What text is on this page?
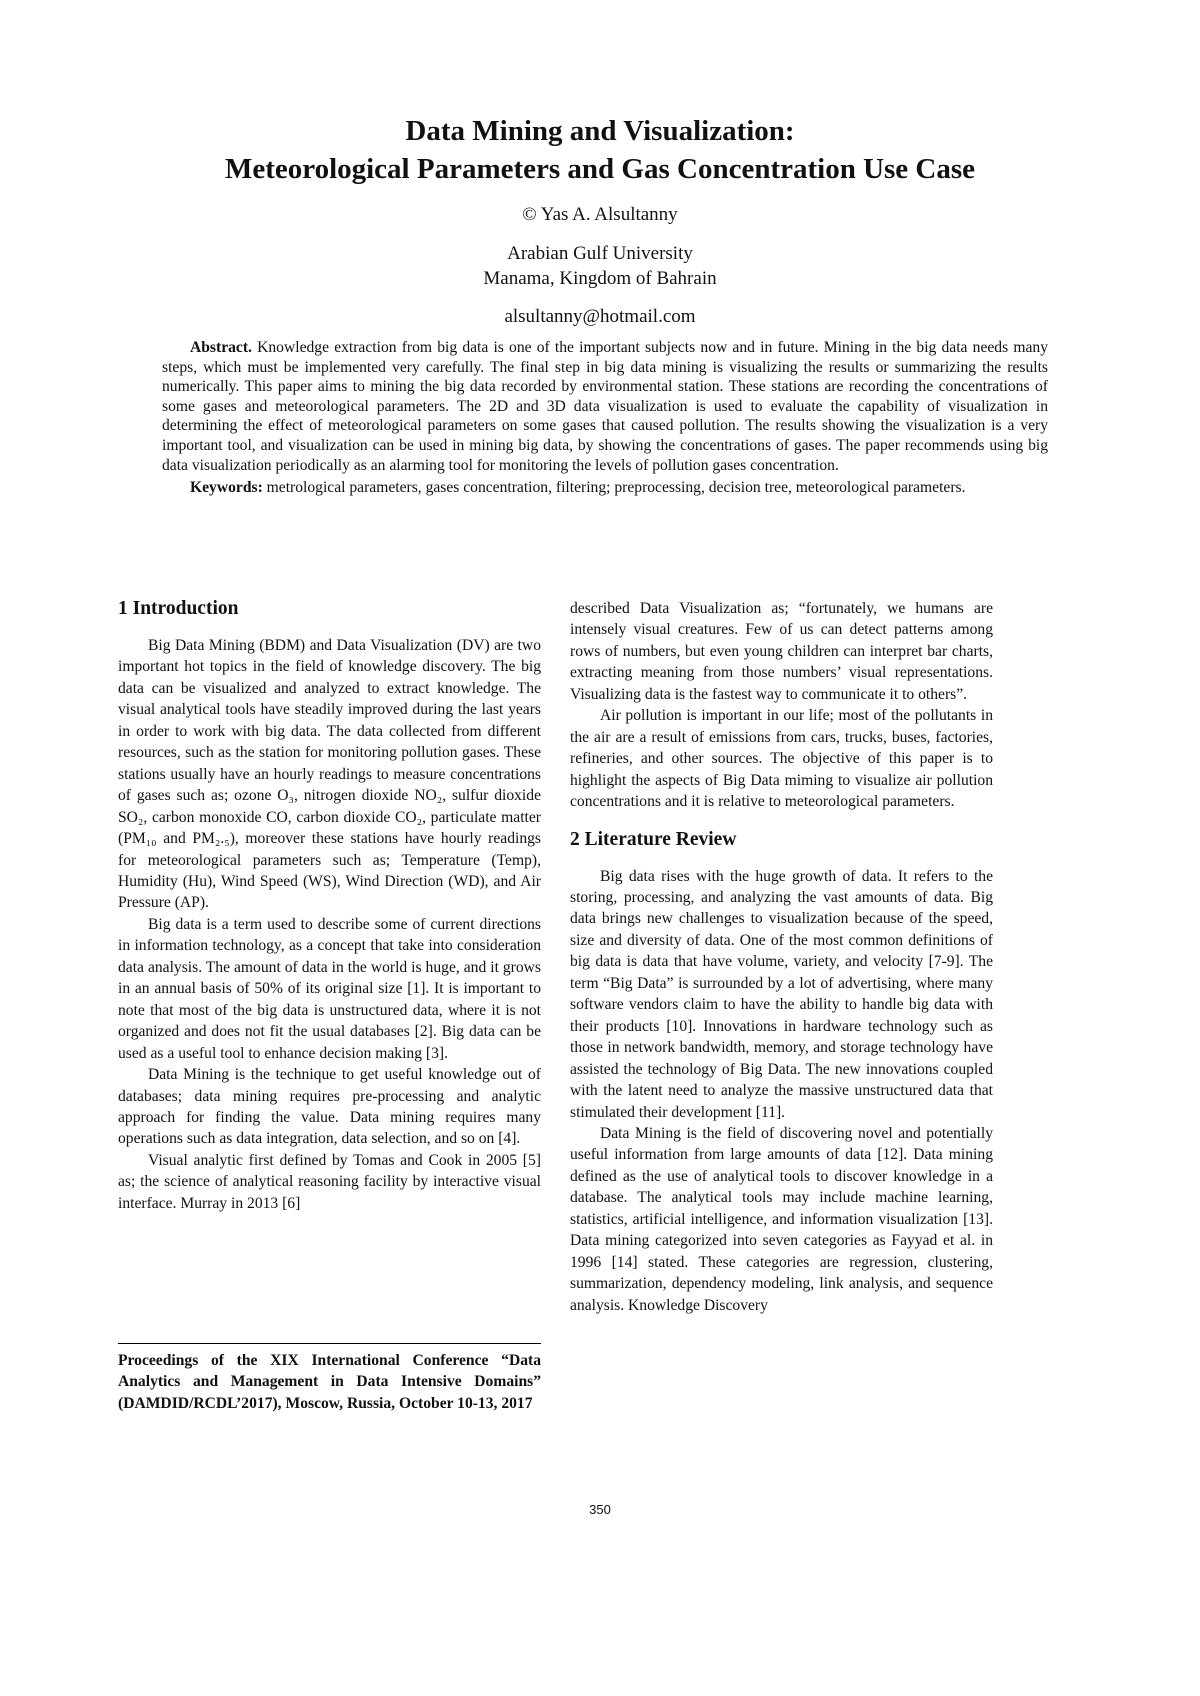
Data Mining and Visualization:
Meteorological Parameters and Gas Concentration Use Case
© Yas A. Alsultanny
Arabian Gulf University
Manama, Kingdom of Bahrain
alsultanny@hotmail.com

Abstract. Knowledge extraction from big data is one of the important subjects now and in future. Mining in the big data needs many steps, which must be implemented very carefully. The final step in big data mining is visualizing the results or summarizing the results numerically. This paper aims to mining the big data recorded by environmental station. These stations are recording the concentrations of some gases and meteorological parameters. The 2D and 3D data visualization is used to evaluate the capability of visualization in determining the effect of meteorological parameters on some gases that caused pollution. The results showing the visualization is a very important tool, and visualization can be used in mining big data, by showing the concentrations of gases. The paper recommends using big data visualization periodically as an alarming tool for monitoring the levels of pollution gases concentration.

Keywords: metrological parameters, gases concentration, filtering; preprocessing, decision tree, meteorological parameters.

1 Introduction

Big Data Mining (BDM) and Data Visualization (DV) are two important hot topics in the field of knowledge discovery. The big data can be visualized and analyzed to extract knowledge. The visual analytical tools have steadily improved during the last years in order to work with big data. The data collected from different resources, such as the station for monitoring pollution gases. These stations usually have an hourly readings to measure concentrations of gases such as; ozone O₃, nitrogen dioxide NO₂, sulfur dioxide SO₂, carbon monoxide CO, carbon dioxide CO₂, particulate matter (PM₁₀ and PM₂.₅), moreover these stations have hourly readings for meteorological parameters such as; Temperature (Temp), Humidity (Hu), Wind Speed (WS), Wind Direction (WD), and Air Pressure (AP).

Big data is a term used to describe some of current directions in information technology, as a concept that take into consideration data analysis. The amount of data in the world is huge, and it grows in an annual basis of 50% of its original size [1]. It is important to note that most of the big data is unstructured data, where it is not organized and does not fit the usual databases [2]. Big data can be used as a useful tool to enhance decision making [3].

Data Mining is the technique to get useful knowledge out of databases; data mining requires pre-processing and analytic approach for finding the value. Data mining requires many operations such as data integration, data selection, and so on [4].

Visual analytic first defined by Tomas and Cook in 2005 [5] as; the science of analytical reasoning facility by interactive visual interface. Murray in 2013 [6]

Proceedings of the XIX International Conference “Data Analytics and Management in Data Intensive Domains” (DAMDID/RCDL’2017), Moscow, Russia, October 10-13, 2017

described Data Visualization as; “fortunately, we humans are intensely visual creatures. Few of us can detect patterns among rows of numbers, but even young children can interpret bar charts, extracting meaning from those numbers’ visual representations. Visualizing data is the fastest way to communicate it to others”.

Air pollution is important in our life; most of the pollutants in the air are a result of emissions from cars, trucks, buses, factories, refineries, and other sources. The objective of this paper is to highlight the aspects of Big Data miming to visualize air pollution concentrations and it is relative to meteorological parameters.

2 Literature Review

Big data rises with the huge growth of data. It refers to the storing, processing, and analyzing the vast amounts of data. Big data brings new challenges to visualization because of the speed, size and diversity of data. One of the most common definitions of big data is data that have volume, variety, and velocity [7-9]. The term “Big Data” is surrounded by a lot of advertising, where many software vendors claim to have the ability to handle big data with their products [10]. Innovations in hardware technology such as those in network bandwidth, memory, and storage technology have assisted the technology of Big Data. The new innovations coupled with the latent need to analyze the massive unstructured data that stimulated their development [11].

Data Mining is the field of discovering novel and potentially useful information from large amounts of data [12]. Data mining defined as the use of analytical tools to discover knowledge in a database. The analytical tools may include machine learning, statistics, artificial intelligence, and information visualization [13]. Data mining categorized into seven categories as Fayyad et al. in 1996 [14] stated. These categories are regression, clustering, summarization, dependency modeling, link analysis, and sequence analysis. Knowledge Discovery

350
